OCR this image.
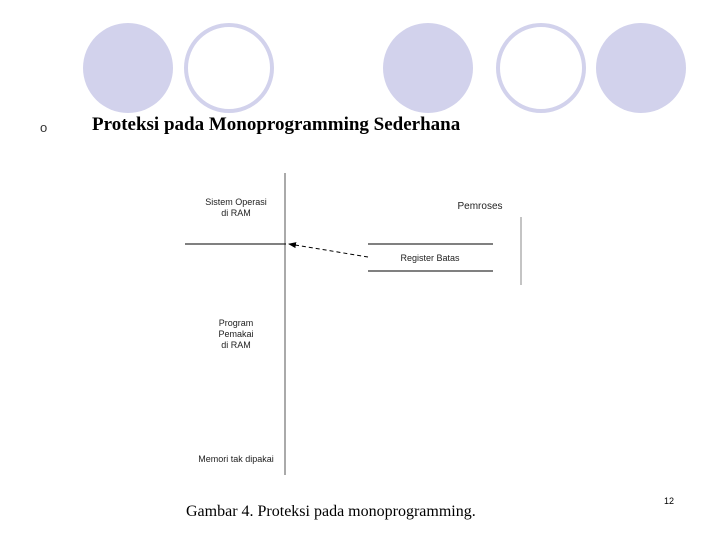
o Proteksi pada Monoprogramming Sederhana
Sistem Operasi
di RAM
Pemroses
Register Batas
Program
Pemakai
di RAM
Memori tak dipakai

Gambar 4. Proteksi pada monoprogramming.

12
